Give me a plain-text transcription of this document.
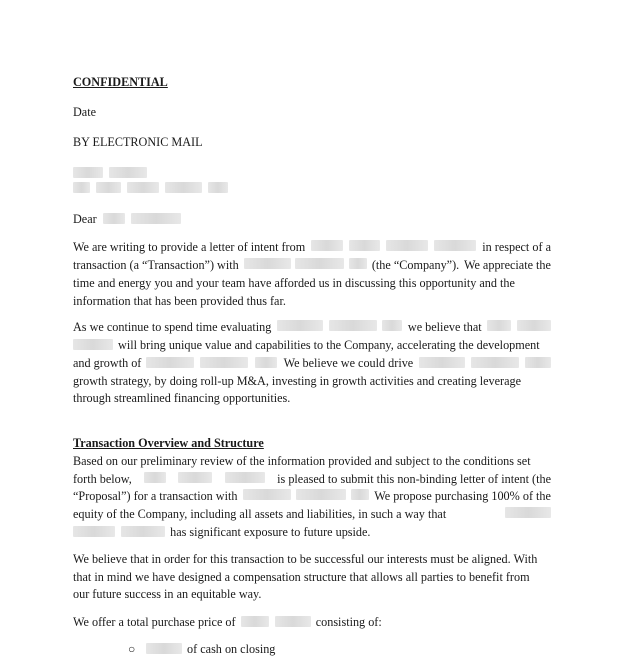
CONFIDENTIAL
Date
BY ELECTRONIC MAIL

Dear
We are writing to provide a letter of intent from	in respect of a
transaction (a “Transaction”) with	(the “Company”). We appreciate the
time and energy you and your team have afforded us in discussing this opportunity and the
information that has been provided thus far.
As we continue to spend time evaluating	we believe that
will bring unique value and capabilities to the Company, accelerating the development
and growth of	We believe we could drive
growth strategy, by doing roll-up M&A, investing in growth activities and creating leverage
through streamlined financing opportunities.
Transaction Overview and Structure
Based on our preliminary review of the information provided and subject to the conditions set
forth below,	is pleased to submit this non-binding letter of intent (the
“Proposal”) for a transaction with	We propose purchasing 100% of the
equity of the Company, including all assets and liabilities, in such a way that
has significant exposure to future upside.
We believe that in order for this transaction to be successful our interests must be aligned. With
that in mind we have designed a compensation structure that allows all parties to benefit from
our future success in an equitable way.
We offer a total purchase price of	consisting of:
○	of cash on closing
